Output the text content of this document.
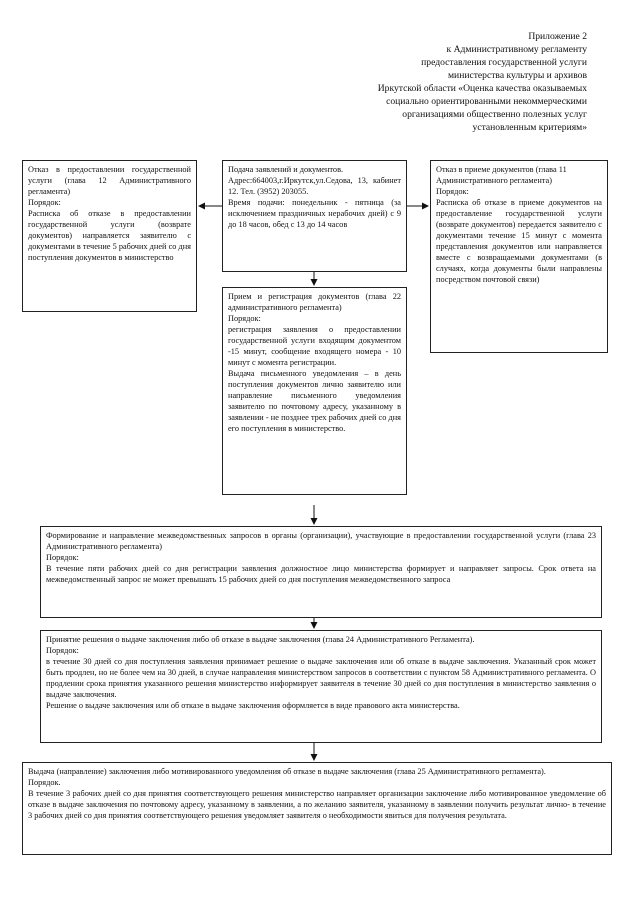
Приложение 2
к Административному регламенту
предоставления государственной услуги
министерства культуры и архивов
Иркутской области «Оценка качества оказываемых
социально ориентированными некоммерческими
организациями общественно полезных услуг
установленным критериям»

Отказ в предоставлении государственной услуги (глава 12 Административного регламента)

Порядок:

Расписка об отказе в предоставлении государственной услуги (возврате документов) направляется заявителю с документами в течение 5 рабочих дней со дня поступления документов в министерство

Подача заявлений и документов.

Адрес:664003,г.Иркутск,ул.Седова, 13, кабинет 12. Тел. (3952) 203055.

Время подачи: понедельник - пятница (за исключением праздничных нерабочих дней) с 9 до 18 часов, обед с 13 до 14 часов

Прием и регистрация документов (глава 22 административного регламента)

Порядок:

регистрация заявления о предоставлении государственной услуги входящим документом -15 минут, сообщение входящего номера - 10 минут с момента регистрации.

Выдача письменного уведомления – в день поступления документов лично заявителю или направление письменного уведомления заявителю по почтовому адресу, указанному в заявлении - не позднее трех рабочих дней со дня его поступления в министерство.

Отказ в приеме документов (глава 11 Административного регламента)

Порядок:

Расписка об отказе в приеме документов на предоставление государственной услуги (возврате документов) передается заявителю с документами течение 15 минут с момента представления документов или направляется вместе с возвращаемыми документами (в случаях, когда документы были направлены посредством почтовой связи)

Формирование и направление межведомственных запросов в органы (организации), участвующие в предоставлении государственной услуги (глава 23 Административного регламента)

Порядок:

В течение пяти рабочих дней со дня регистрации заявления должностное лицо министерства формирует и направляет запросы. Срок ответа на межведомственный запрос не может превышать 15 рабочих дней со дня поступления межведомственного запроса

Принятие решения о выдаче заключения либо об отказе в выдаче заключения (глава 24 Административного Регламента).

Порядок:

в течение 30 дней со дня поступления заявления принимает решение о выдаче заключения или об отказе в выдаче заключения. Указанный срок может быть продлен, но не более чем на 30 дней, в случае направления министерством запросов в соответствии с пунктом 58 Административного регламента. О продлении срока принятия указанного решения министерство информирует заявителя в течение 30 дней со дня поступления в министерство заявления о выдаче заключения.

Решение о выдаче заключения или об отказе в выдаче заключения оформляется в виде правового акта министерства.

Выдача (направление) заключения либо мотивированного уведомления об отказе в выдаче заключения (глава 25 Административного регламента).

Порядок.

В течение 3 рабочих дней со дня принятия соответствующего решения министерство направляет организации заключение либо мотивированное уведомление об отказе в выдаче заключения по почтовому адресу, указанному в заявлении, а по желанию заявителя, указанному в заявлении получить результат лично- в течение 3 рабочих дней со дня принятия соответствующего решения уведомляет заявителя о необходимости явиться для получения результата.
